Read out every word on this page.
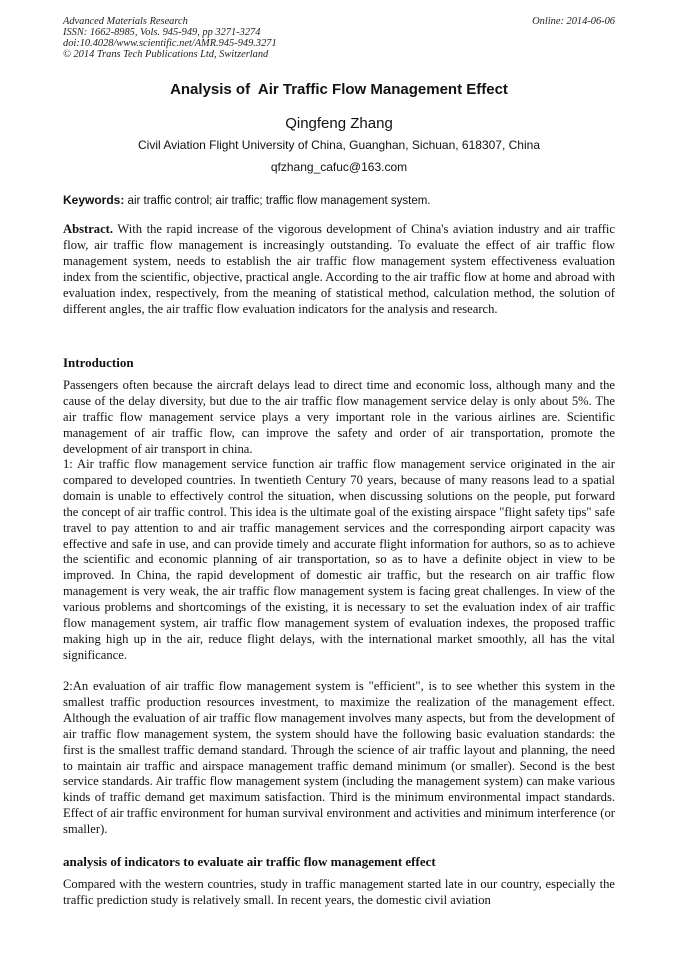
Advanced Materials Research
ISSN: 1662-8985, Vols. 945-949, pp 3271-3274
doi:10.4028/www.scientific.net/AMR.945-949.3271
© 2014 Trans Tech Publications Ltd, Switzerland
Online: 2014-06-06
Analysis of  Air Traffic Flow Management Effect
Qingfeng Zhang
Civil Aviation Flight University of China, Guanghan, Sichuan, 618307, China
qfzhang_cafuc@163.com
Keywords: air traffic control; air traffic; traffic flow management system.
Abstract. With the rapid increase of the vigorous development of China's aviation industry and air traffic flow, air traffic flow management is increasingly outstanding. To evaluate the effect of air traffic flow management system, needs to establish the air traffic flow management system effectiveness evaluation index from the scientific, objective, practical angle. According to the air traffic flow at home and abroad with evaluation index, respectively, from the meaning of statistical method, calculation method, the solution of different angles, the air traffic flow evaluation indicators for the analysis and research.
Introduction

Passengers often because the aircraft delays lead to direct time and economic loss, although many and the cause of the delay diversity, but due to the air traffic flow management service delay is only about 5%. The air traffic flow management service plays a very important role in the various airlines are. Scientific management of air traffic flow, can improve the safety and order of air transportation, promote the development of air transport in china.

1: Air traffic flow management service function air traffic flow management service originated in the air compared to developed countries. In twentieth Century 70 years, because of many reasons lead to a spatial domain is unable to effectively control the situation, when discussing solutions on the people, put forward the concept of air traffic control. This idea is the ultimate goal of the existing airspace "flight safety tips" safe travel to pay attention to and air traffic management services and the corresponding airport capacity was effective and safe in use, and can provide timely and accurate flight information for authors, so as to achieve the scientific and economic planning of air transportation, so as to have a definite object in view to be improved. In China, the rapid development of domestic air traffic, but the research on air traffic flow management is very weak, the air traffic flow management system is facing great challenges. In view of the various problems and shortcomings of the existing, it is necessary to set the evaluation index of air traffic flow management system, air traffic flow management system of evaluation indexes, the proposed traffic making high up in the air, reduce flight delays, with the international market smoothly, all has the vital significance.

2:An evaluation of air traffic flow management system is "efficient", is to see whether this system in the smallest traffic production resources investment, to maximize the realization of the management effect. Although the evaluation of air traffic flow management involves many aspects, but from the development of air traffic flow management system, the system should have the following basic evaluation standards: the first is the smallest traffic demand standard. Through the science of air traffic layout and planning, the need to maintain air traffic and airspace management traffic demand minimum (or smaller). Second is the best service standards. Air traffic flow management system (including the management system) can make various kinds of traffic demand get maximum satisfaction. Third is the minimum environmental impact standards. Effect of air traffic environment for human survival environment and activities and minimum interference (or smaller).

analysis of indicators to evaluate air traffic flow management effect

Compared with the western countries, study in traffic management started late in our country, especially the traffic prediction study is relatively small. In recent years, the domestic civil aviation
